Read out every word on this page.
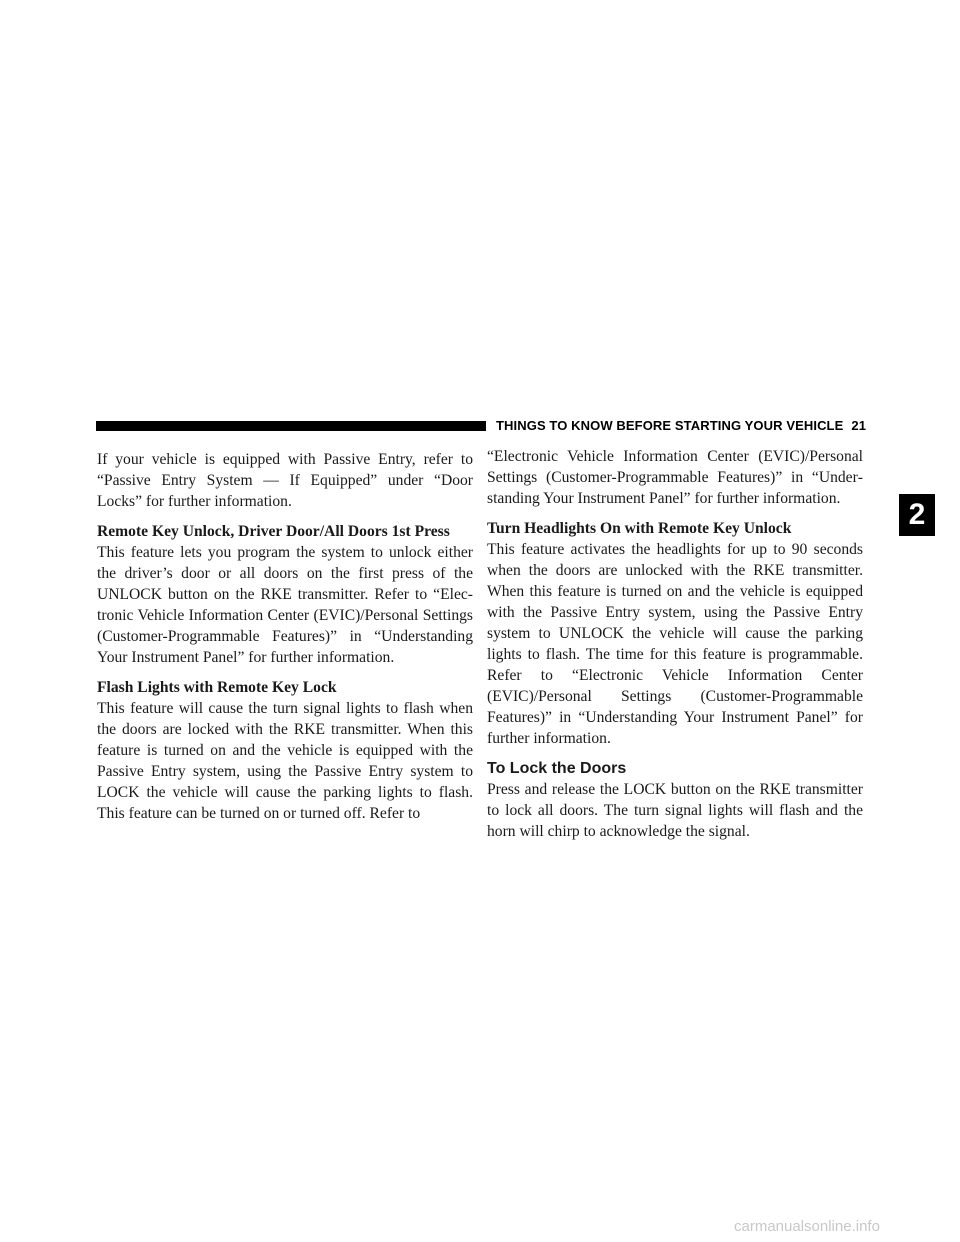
THINGS TO KNOW BEFORE STARTING YOUR VEHICLE 21

If your vehicle is equipped with Passive Entry, refer to “Passive Entry System — If Equipped” under “Door Locks” for further information.

Remote Key Unlock, Driver Door/All Doors 1st Press

This feature lets you program the system to unlock either the driver’s door or all doors on the first press of the UNLOCK button on the RKE transmitter. Refer to “Electronic Vehicle Information Center (EVIC)/Personal Settings (Customer-Programmable Features)” in “Understanding Your Instrument Panel” for further information.

Flash Lights with Remote Key Lock

This feature will cause the turn signal lights to flash when the doors are locked with the RKE transmitter. When this feature is turned on and the vehicle is equipped with the Passive Entry system, using the Passive Entry system to LOCK the vehicle will cause the parking lights to flash. This feature can be turned on or turned off. Refer to

“Electronic Vehicle Information Center (EVIC)/Personal Settings (Customer-Programmable Features)” in “Understanding Your Instrument Panel” for further information.

Turn Headlights On with Remote Key Unlock

This feature activates the headlights for up to 90 seconds when the doors are unlocked with the RKE transmitter. When this feature is turned on and the vehicle is equipped with the Passive Entry system, using the Passive Entry system to UNLOCK the vehicle will cause the parking lights to flash. The time for this feature is programmable. Refer to “Electronic Vehicle Information Center (EVIC)/Personal Settings (Customer-Programmable Features)” in “Understanding Your Instrument Panel” for further information.

To Lock the Doors

Press and release the LOCK button on the RKE transmitter to lock all doors. The turn signal lights will flash and the horn will chirp to acknowledge the signal.

2
carmanualsonline.info
